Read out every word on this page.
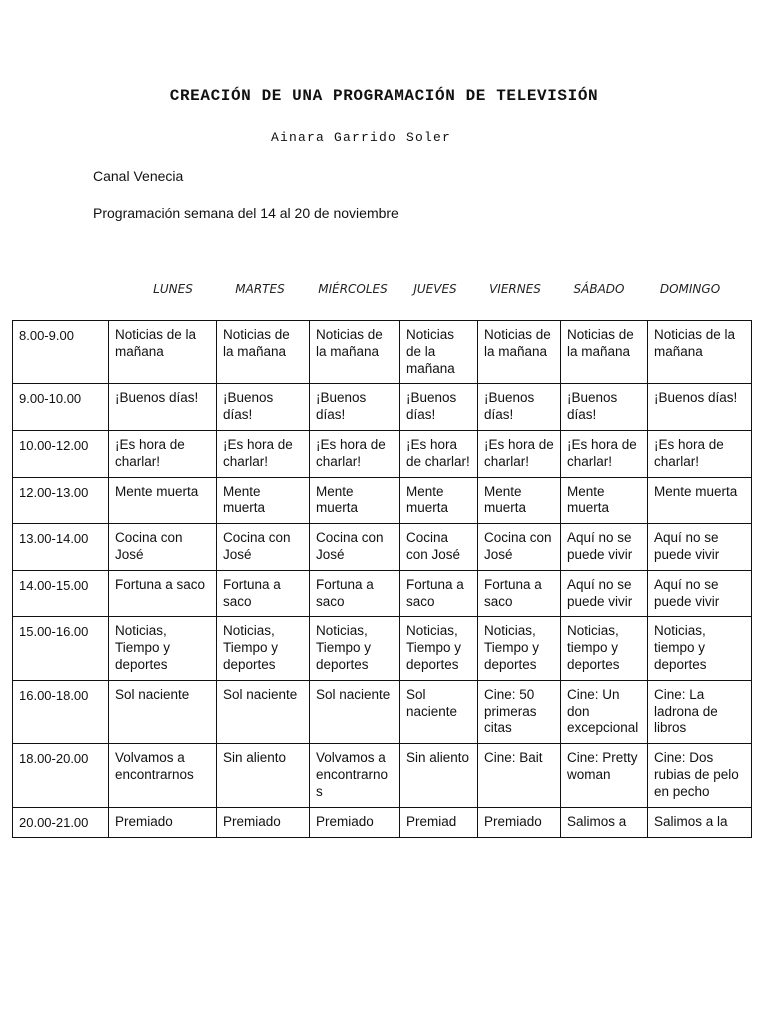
CREACIÓN DE UNA PROGRAMACIÓN DE TELEVISIÓN
Ainara Garrido Soler
Canal Venecia
Programación semana del 14 al 20 de noviembre
LUNES	MARTES	MIÉRCOLES	JUEVES	VIERNES	SÁBADO	DOMINGO
8.00-9.00	Noticias de la mañana	Noticias de la mañana	Noticias de la mañana	Noticias de la mañana	Noticias de la mañana	Noticias de la mañana	Noticias de la mañana
9.00-10.00	¡Buenos días!	¡Buenos días!	¡Buenos días!	¡Buenos días!	¡Buenos días!	¡Buenos días!	¡Buenos días!
10.00-12.00	¡Es hora de charlar!	¡Es hora de charlar!	¡Es hora de charlar!	¡Es hora de charlar!	¡Es hora de charlar!	¡Es hora de charlar!	¡Es hora de charlar!
12.00-13.00	Mente muerta	Mente muerta	Mente muerta	Mente muerta	Mente muerta	Mente muerta	Mente muerta
13.00-14.00	Cocina con José	Cocina con José	Cocina con José	Cocina con José	Cocina con José	Aquí no se puede vivir	Aquí no se puede vivir
14.00-15.00	Fortuna a saco	Fortuna a saco	Fortuna a saco	Fortuna a saco	Fortuna a saco	Aquí no se puede vivir	Aquí no se puede vivir
15.00-16.00	Noticias, Tiempo y deportes	Noticias, Tiempo y deportes	Noticias, Tiempo y deportes	Noticias, Tiempo y deportes	Noticias, Tiempo y deportes	Noticias, tiempo y deportes	Noticias, tiempo y deportes
16.00-18.00	Sol naciente	Sol naciente	Sol naciente	Sol naciente	Cine: 50 primeras citas	Cine: Un don excepcional	Cine: La ladrona de libros
18.00-20.00	Volvamos a encontrarnos	Sin aliento	Volvamos a encontrarnos	Sin aliento	Cine: Bait	Cine: Pretty woman	Cine: Dos rubias de pelo en pecho
20.00-21.00	Premiado	Premiado	Premiado	Premiad	Premiado	Salimos a	Salimos a la
